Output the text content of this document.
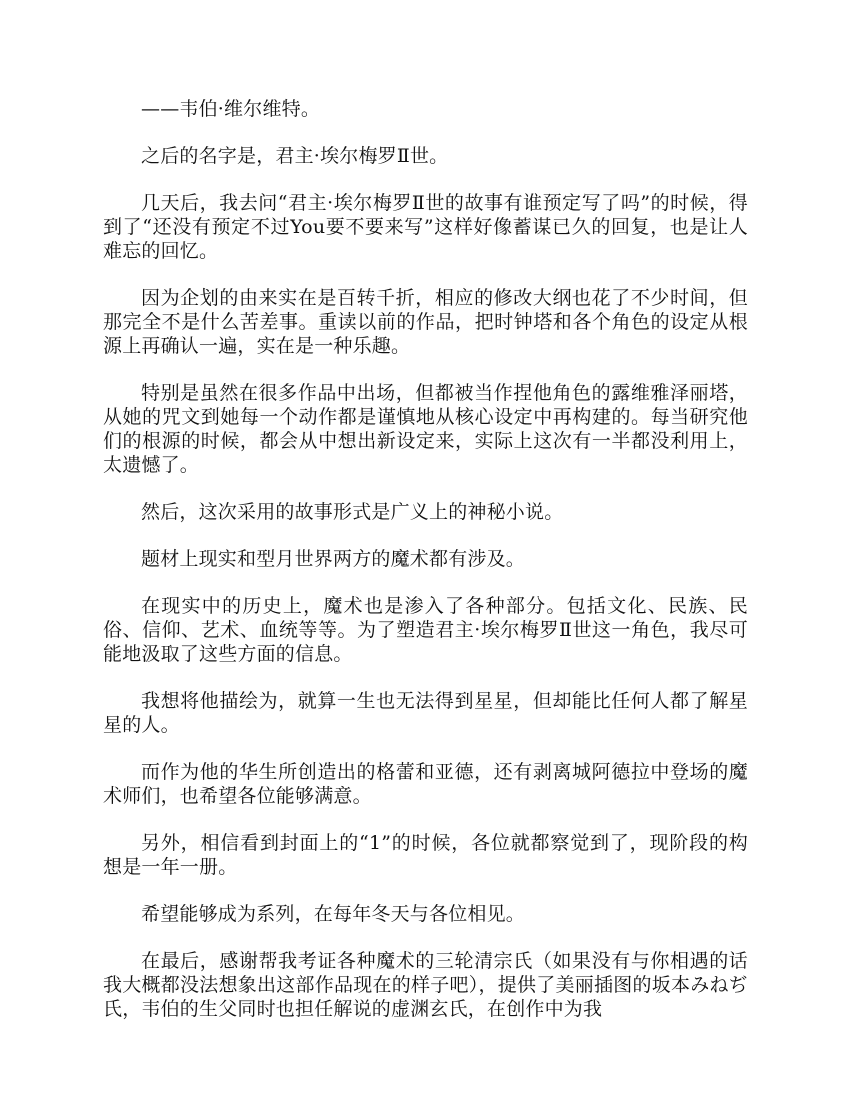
——韦伯·维尔维特。

之后的名字是，君主·埃尔梅罗Ⅱ世。

几天后，我去问“君主·埃尔梅罗Ⅱ世的故事有谁预定写了吗”的时候，得到了“还没有预定不过You要不要来写”这样好像蓄谋已久的回复，也是让人难忘的回忆。

因为企划的由来实在是百转千折，相应的修改大纲也花了不少时间，但那完全不是什么苦差事。重读以前的作品，把时钟塔和各个角色的设定从根源上再确认一遍，实在是一种乐趣。

特别是虽然在很多作品中出场，但都被当作捏他角色的露维雅泽丽塔，从她的咒文到她每一个动作都是谨慎地从核心设定中再构建的。每当研究他们的根源的时候，都会从中想出新设定来，实际上这次有一半都没利用上，太遗憾了。

然后，这次采用的故事形式是广义上的神秘小说。

题材上现实和型月世界两方的魔术都有涉及。

在现实中的历史上，魔术也是渗入了各种部分。包括文化、民族、民俗、信仰、艺术、血统等等。为了塑造君主·埃尔梅罗Ⅱ世这一角色，我尽可能地汲取了这些方面的信息。

我想将他描绘为，就算一生也无法得到星星，但却能比任何人都了解星星的人。

而作为他的华生所创造出的格蕾和亚德，还有剥离城阿德拉中登场的魔术师们，也希望各位能够满意。

另外，相信看到封面上的“1”的时候，各位就都察觉到了，现阶段的构想是一年一册。

希望能够成为系列，在每年冬天与各位相见。

在最后，感谢帮我考证各种魔术的三轮清宗氏（如果没有与你相遇的话我大概都没法想象出这部作品现在的样子吧），提供了美丽插图的坂本みねぢ氏，韦伯的生父同时也担任解说的虚渊玄氏，在创作中为我
